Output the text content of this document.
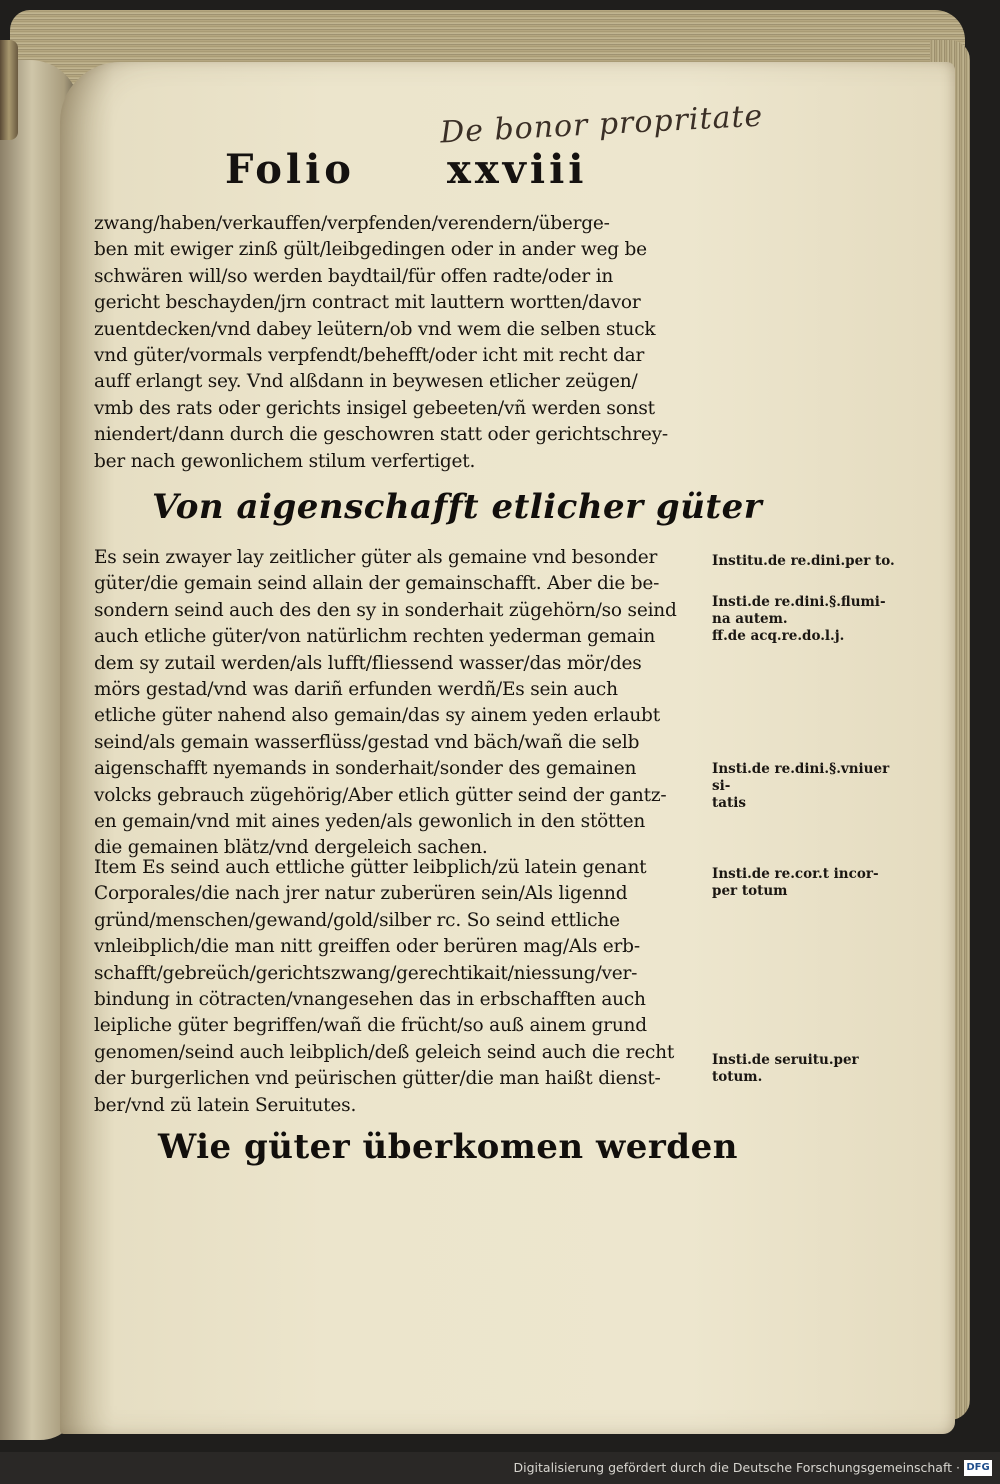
De bonor propritate
Folio xxviii
zwang/haben/verkauffen/verpfenden/verendern/überge-
ben mit ewiger zinß gült/leibgedingen oder in ander weg be
schwären will/so werden baydtail/für offen radte/oder in
gericht beschayden/jrn contract mit lauttern wortten/davor
zuentdecken/vnd dabey leütern/ob vnd wem die selben stuck
vnd güter/vormals verpfendt/behefft/oder icht mit recht dar
auff erlangt sey. Vnd alßdann in beywesen etlicher zeügen/
vmb des rats oder gerichts insigel gebeeten/vñ werden sonst
niendert/dann durch die geschowren statt oder gerichtschrey-
ber nach gewonlichem stilum verfertiget.
Von aigenschafft etlicher güter
Es sein zwayer lay zeitlicher güter als gemaine vnd besonder
güter/die gemain seind allain der gemainschafft. Aber die be-
sondern seind auch des den sy in sonderhait zügehörn/so seind
auch etliche güter/von natürlichm rechten yederman gemain
dem sy zutail werden/als lufft/fliessend wasser/das mör/des
mörs gestad/vnd was dariñ erfunden werdñ/Es sein auch
etliche güter nahend also gemain/das sy ainem yeden erlaubt
seind/als gemain wasserflüss/gestad vnd bäch/wañ die selb
aigenschafft nyemands in sonderhait/sonder des gemainen
volcks gebrauch zügehörig/Aber etlich gütter seind der gantz-
en gemain/vnd mit aines yeden/als gewonlich in den stötten
die gemainen blätz/vnd dergeleich sachen.
Item Es seind auch ettliche gütter leibplich/zü latein genant
Corporales/die nach jrer natur zuberüren sein/Als ligennd
gründ/menschen/gewand/gold/silber rc. So seind ettliche
vnleibplich/die man nitt greiffen oder berüren mag/Als erb-
schafft/gebreüch/gerichtszwang/gerechtikait/niessung/ver-
bindung in cötracten/vnangesehen das in erbschafften auch
leipliche güter begriffen/wañ die frücht/so auß ainem grund
genomen/seind auch leibplich/deß geleich seind auch die recht
der burgerlichen vnd peürischen gütter/die man haißt dienst-
ber/vnd zü latein Seruitutes.
Wie güter überkomen werden
Institu.de re.dini.per to.
Insti.de re.dini.§.flumi-
na autem.
ff.de acq.re.do.l.j.
Insti.de re.dini.§.vniuer si-
tatis
Insti.de re.cor.t incor-
per totum
Insti.de seruitu.per totum.
Digitalisierung gefördert durch die Deutsche Forschungsgemeinschaft · DFG
